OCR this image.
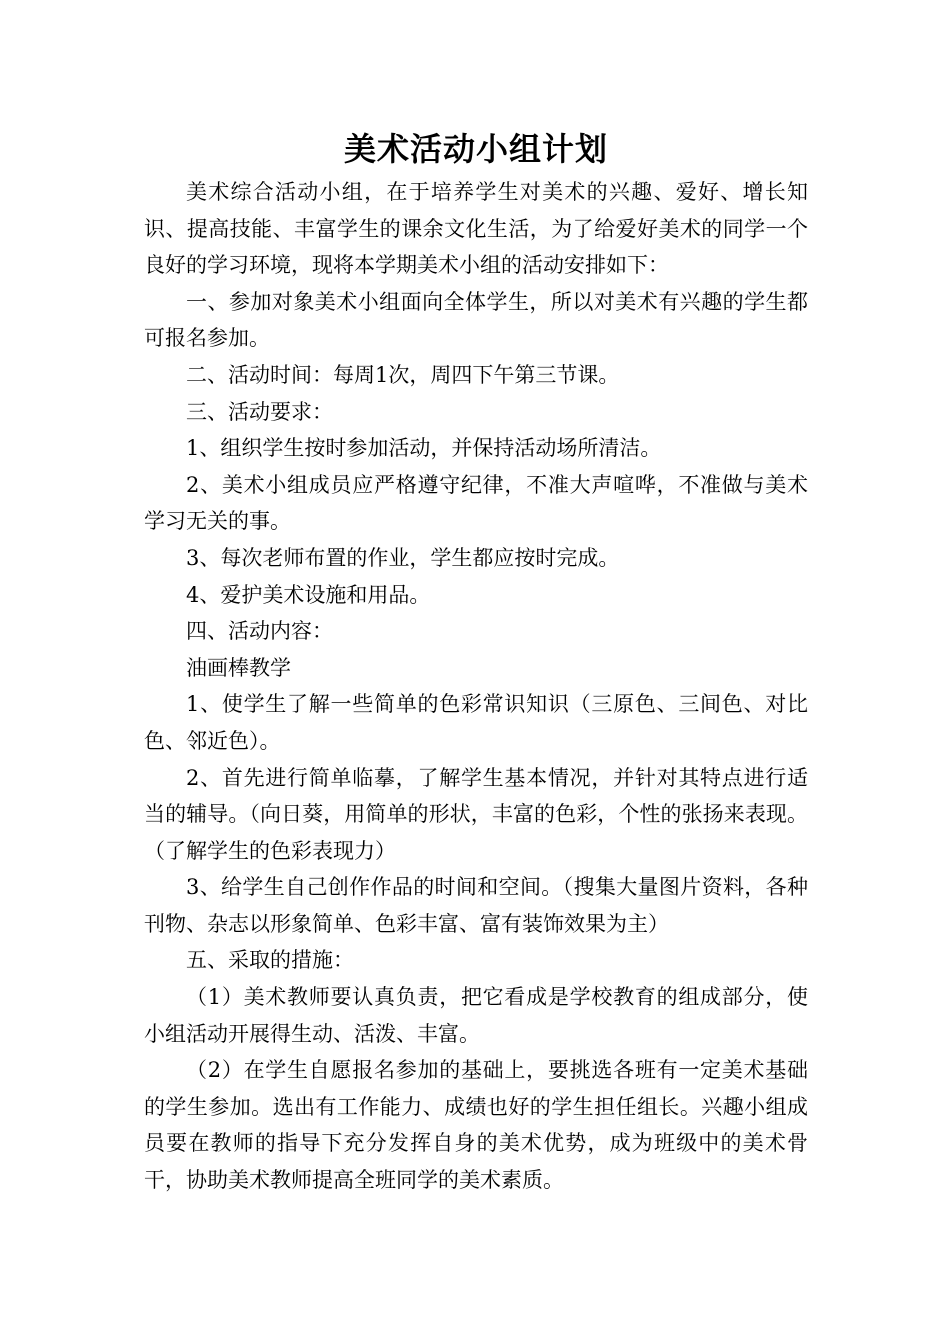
美术活动小组计划

美术综合活动小组，在于培养学生对美术的兴趣、爱好、增长知识、提高技能、丰富学生的课余文化生活，为了给爱好美术的同学一个良好的学习环境，现将本学期美术小组的活动安排如下：

一、参加对象美术小组面向全体学生，所以对美术有兴趣的学生都可报名参加。

二、活动时间：每周1次，周四下午第三节课。

三、活动要求：

1、组织学生按时参加活动，并保持活动场所清洁。

2、美术小组成员应严格遵守纪律，不准大声喧哗，不准做与美术学习无关的事。

3、每次老师布置的作业，学生都应按时完成。

4、爱护美术设施和用品。

四、活动内容：

油画棒教学

1、使学生了解一些简单的色彩常识知识（三原色、三间色、对比色、邻近色）。

2、首先进行简单临摹，了解学生基本情况，并针对其特点进行适当的辅导。（向日葵，用简单的形状，丰富的色彩，个性的张扬来表现。（了解学生的色彩表现力）

3、给学生自己创作作品的时间和空间。（搜集大量图片资料，各种刊物、杂志以形象简单、色彩丰富、富有装饰效果为主）

五、采取的措施：

（1）美术教师要认真负责，把它看成是学校教育的组成部分，使小组活动开展得生动、活泼、丰富。

（2）在学生自愿报名参加的基础上，要挑选各班有一定美术基础的学生参加。选出有工作能力、成绩也好的学生担任组长。兴趣小组成员要在教师的指导下充分发挥自身的美术优势，成为班级中的美术骨干，协助美术教师提高全班同学的美术素质。
